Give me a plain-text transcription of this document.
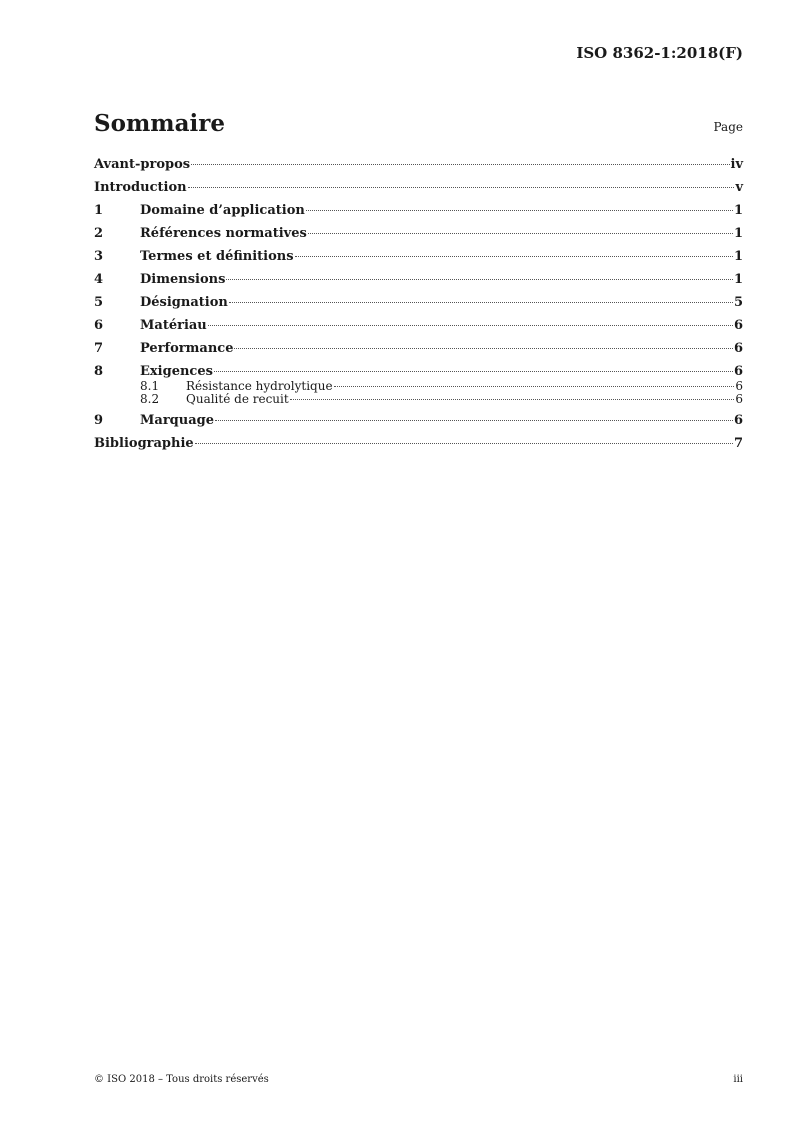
ISO 8362-1:2018(F)
Sommaire	Page
Avant-propos	iv
Introduction	v
1	Domaine d’application	1
2	Références normatives	1
3	Termes et définitions	1
4	Dimensions	1
5	Désignation	5
6	Matériau	6
7	Performance	6
8	Exigences	6
8.1	Résistance hydrolytique	6
8.2	Qualité de recuit	6
9	Marquage	6
Bibliographie	7
© ISO 2018 – Tous droits réservés	iii
